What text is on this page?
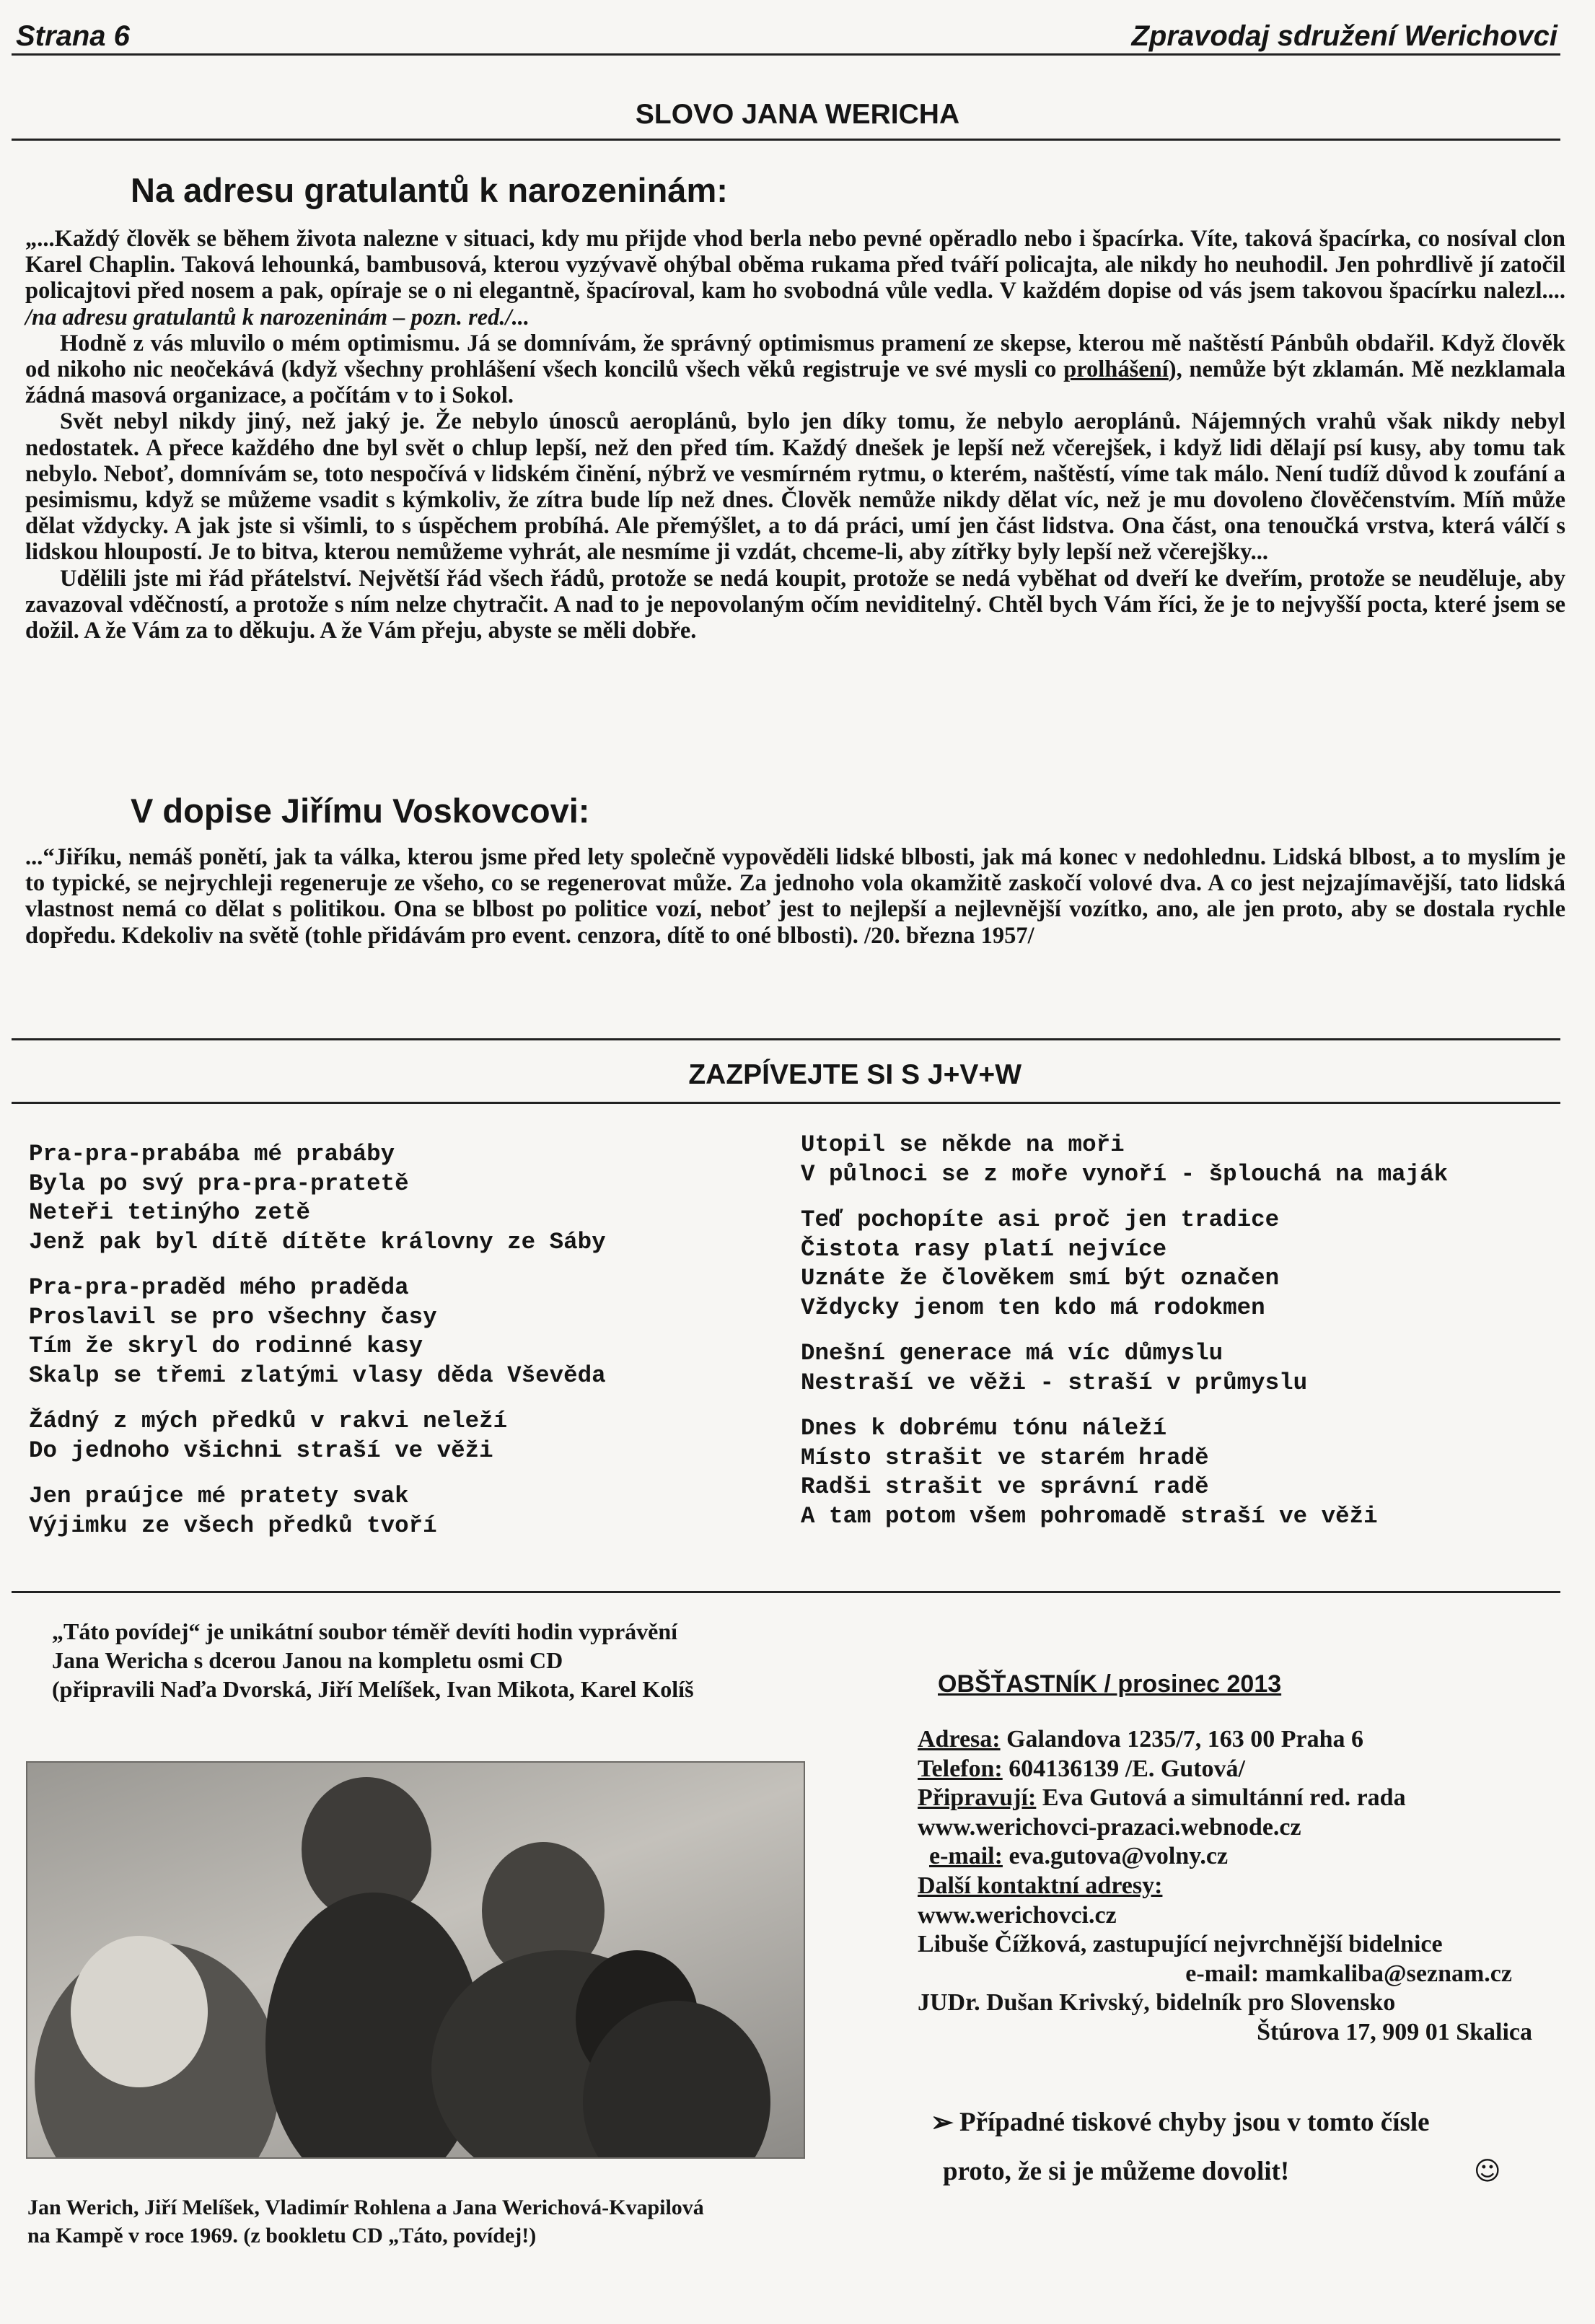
Strana 6	Zpravodaj sdružení Werichovci
SLOVO JANA WERICHA
Na adresu gratulantů k narozeninám:

„...Každý člověk se během života nalezne v situaci, kdy mu přijde vhod berla nebo pevné opěradlo nebo i špacírka. Víte, taková špacírka, co nosíval clon Karel Chaplin. Taková lehounká, bambusová, kterou vyzývavě ohýbal oběma rukama před tváří policajta, ale nikdy ho neuhodil. Jen pohrdlivě jí zatočil policajtovi před nosem a pak, opíraje se o ni elegantně, špacíroval, kam ho svobodná vůle vedla. V každém dopise od vás jsem takovou špacírku nalezl.... /na adresu gratulantů k narozeninám – pozn. red./...

Hodně z vás mluvilo o mém optimismu. Já se domnívám, že správný optimismus pramení ze skepse, kterou mě naštěstí Pánbůh obdařil. Když člověk od nikoho nic neočekává (když všechny prohlášení všech koncilů všech věků registruje ve své mysli co prolhášení), nemůže být zklamán. Mě nezklamala žádná masová organizace, a počítám v to i Sokol.

Svět nebyl nikdy jiný, než jaký je. Že nebylo únosců aeroplánů, bylo jen díky tomu, že nebylo aeroplánů. Nájemných vrahů však nikdy nebyl nedostatek. A přece každého dne byl svět o chlup lepší, než den před tím. Každý dnešek je lepší než včerejšek, i když lidi dělají psí kusy, aby tomu tak nebylo. Neboť, domnívám se, toto nespočívá v lidském činění, nýbrž ve vesmírném rytmu, o kterém, naštěstí, víme tak málo. Není tudíž důvod k zoufání a pesimismu, když se můžeme vsadit s kýmkoliv, že zítra bude líp než dnes. Člověk nemůže nikdy dělat víc, než je mu dovoleno člověčenstvím. Míň může dělat vždycky. A jak jste si všimli, to s úspěchem probíhá. Ale přemýšlet, a to dá práci, umí jen část lidstva. Ona část, ona tenoučká vrstva, která válčí s lidskou hloupostí. Je to bitva, kterou nemůžeme vyhrát, ale nesmíme ji vzdát, chceme-li, aby zítřky byly lepší než včerejšky...

Udělili jste mi řád přátelství. Největší řád všech řádů, protože se nedá koupit, protože se nedá vyběhat od dveří ke dveřím, protože se neuděluje, aby zavazoval vděčností, a protože s ním nelze chytračit. A nad to je nepovolaným očím neviditelný. Chtěl bych Vám říci, že je to nejvyšší pocta, které jsem se dožil. A že Vám za to děkuju. A že Vám přeju, abyste se měli dobře.

V dopise Jiřímu Voskovcovi:

...“Jiříku, nemáš ponětí, jak ta válka, kterou jsme před lety společně vypověděli lidské blbosti, jak má konec v nedohlednu. Lidská blbost, a to myslím je to typické, se nejrychleji regeneruje ze všeho, co se regenerovat může. Za jednoho vola okamžitě zaskočí volové dva. A co jest nejzajímavější, tato lidská vlastnost nemá co dělat s politikou. Ona se blbost po politice vozí, neboť jest to nejlepší a nejlevnější vozítko, ano, ale jen proto, aby se dostala rychle dopředu. Kdekoliv na světě (tohle přidávám pro event. cenzora, dítě to oné blbosti). /20. března 1957/

ZAZPÍVEJTE SI S J+V+W
Pra-pra-prabába mé prabáby
Byla po svý pra-pra-pratetě
Neteři tetinýho zetě
Jenž pak byl dítě dítěte královny ze Sáby
Pra-pra-praděd mého praděda
Proslavil se pro všechny časy
Tím že skryl do rodinné kasy
Skalp se třemi zlatými vlasy děda Vševěda
Žádný z mých předků v rakvi neleží
Do jednoho všichni straší ve věži
Jen praújce mé pratety svak
Výjimku ze všech předků tvoří
Utopil se někde na moři
V půlnoci se z moře vynoří - šplouchá na maják
Teď pochopíte asi proč jen tradice
Čistota rasy platí nejvíce
Uznáte že člověkem smí být označen
Vždycky jenom ten kdo má rodokmen
Dnešní generace má víc důmyslu
Nestraší ve věži - straší v průmyslu
Dnes k dobrému tónu náleží
Místo strašit ve starém hradě
Radši strašit ve správní radě
A tam potom všem pohromadě straší ve věži
„Táto povídej“ je unikátní soubor téměř devíti hodin vyprávění
Jana Wericha s dcerou Janou na kompletu osmi CD
(připravili Naďa Dvorská, Jiří Melíšek, Ivan Mikota, Karel Kolíš
Jan Werich, Jiří Melíšek, Vladimír Rohlena a Jana Werichová-Kvapilová
na Kampě v roce 1969. (z bookletu CD „Táto, povídej!)
OBŠŤASTNÍK / prosinec 2013
Adresa: Galandova 1235/7, 163 00 Praha 6
Telefon: 604136139 /E. Gutová/
Připravují: Eva Gutová a simultánní red. rada
www.werichovci-prazaci.webnode.cz
e-mail: eva.gutova@volny.cz
Další kontaktní adresy:
www.werichovci.cz
Libuše Čížková, zastupující nejvrchnější bidelnice
e-mail: mamkaliba@seznam.cz
JUDr. Dušan Krivský, bidelník pro Slovensko
Štúrova 17, 909 01 Skalica
➢ Případné tiskové chyby jsou v tomto čísle
proto, že si je můžeme dovolit!	☺
